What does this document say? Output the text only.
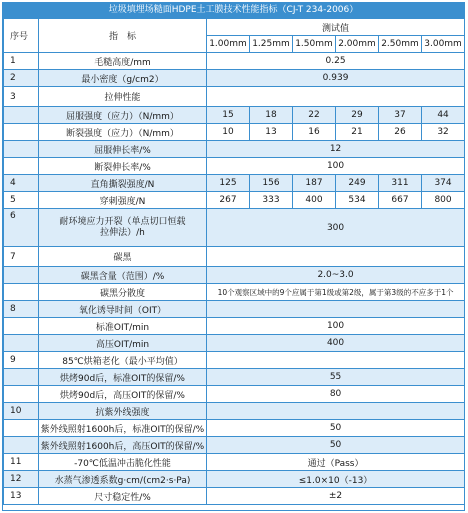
垃圾填埋场糙面HDPE土工膜技术性能指标（CJ-T 234-2006）
序号	指　标	测试值					
		1.00mm	1.25mm	1.50mm	2.00mm	2.50mm	3.00mm
1	毛糙高度/mm	0.25					
2	最小密度（g/cm2）	0.939					
3	拉伸性能						
	屈服强度（应力）（N/mm）	15	18	22	29	37	44
	断裂强度（应力）（N/mm）	10	13	16	21	26	32
	屈服伸长率/%	12					
	断裂伸长率/%	100					
4	直角撕裂强度/N	125	156	187	249	311	374
5	穿刺强度/N	267	333	400	534	667	800
6	耐环境应力开裂（单点切口恒载拉伸法）/h	300					
7	碳黑						
	碳黑含量（范围）/%	2.0~3.0					
	碳黑分散度	10个观察区域中的9个应属于第1级或第2级，属于第3级的不应多于1个					
8	氧化诱导时间（OIT）						
	标准OIT/min	100					
	高压OIT/min	400					
9	85℃烘箱老化（最小平均值）						
	烘烤90d后，标准OIT的保留/%	55					
	烘烤90d后，高压OIT的保留/%	80					
10	抗紫外线强度						
	紫外线照射1600h后，标准OIT的保留/%	50					
	紫外线照射1600h后，高压OIT的保留/%	50					
11	-70℃低温冲击脆化性能	通过（Pass）					
12	水蒸气渗透系数g·cm/(cm2·s·Pa)	≤1.0×10（-13）					
13	尺寸稳定性/%	±2					
